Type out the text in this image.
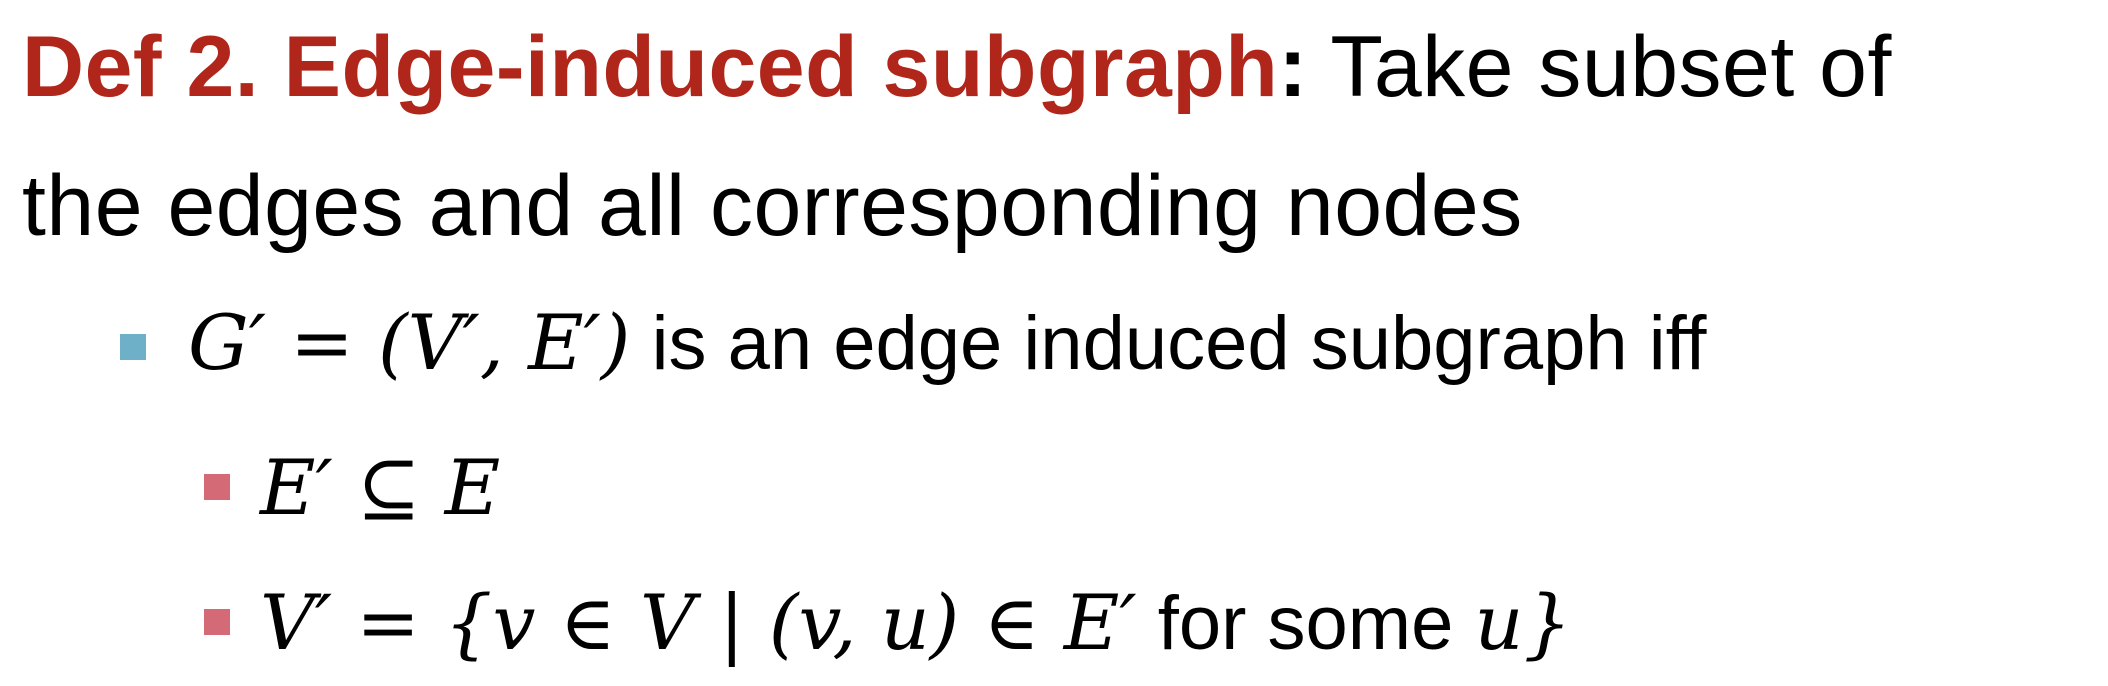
Def 2. Edge-induced subgraph: Take subset of
the edges and all corresponding nodes
G′ = (V′, E′) is an edge induced subgraph iff
E′ ⊆ E
V′ = {v ∈ V | (v, u) ∈ E′ for some u}
